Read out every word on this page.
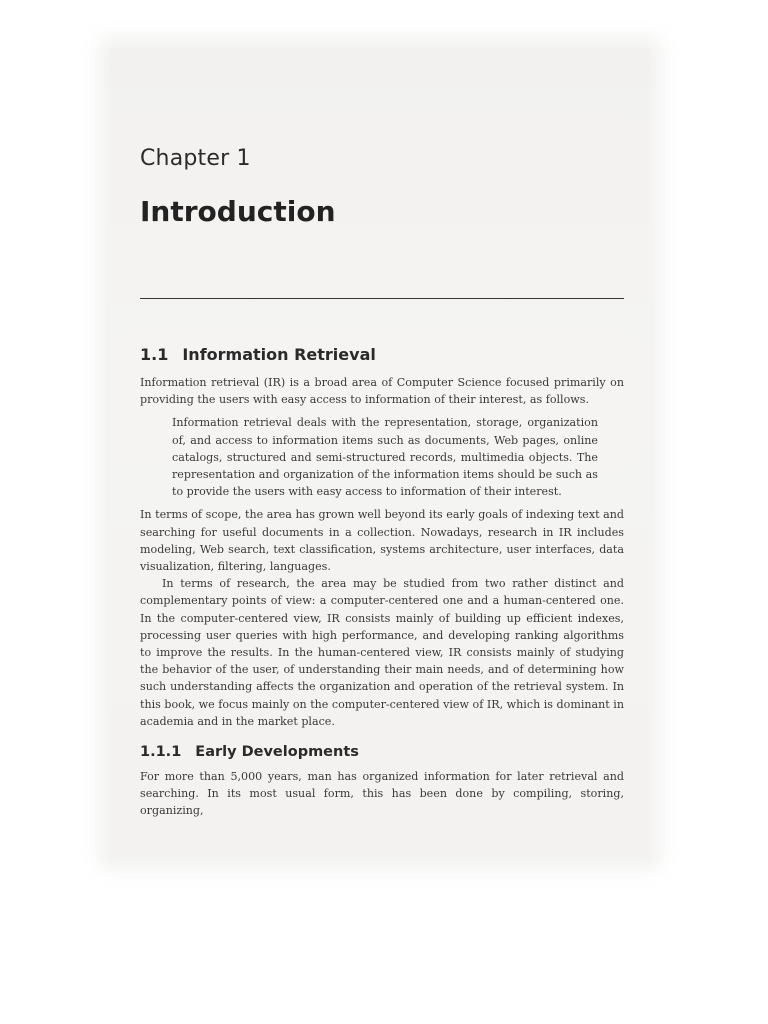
Chapter 1
Introduction
1.1 Information Retrieval

Information retrieval (IR) is a broad area of Computer Science focused primarily on providing the users with easy access to information of their interest, as follows.

Information retrieval deals with the representation, storage, organization of, and access to information items such as documents, Web pages, online catalogs, structured and semi-structured records, multimedia objects. The representation and organization of the information items should be such as to provide the users with easy access to information of their interest.

In terms of scope, the area has grown well beyond its early goals of indexing text and searching for useful documents in a collection. Nowadays, research in IR includes modeling, Web search, text classification, systems architecture, user interfaces, data visualization, filtering, languages.

In terms of research, the area may be studied from two rather distinct and complementary points of view: a computer-centered one and a human-centered one. In the computer-centered view, IR consists mainly of building up efficient indexes, processing user queries with high performance, and developing ranking algorithms to improve the results. In the human-centered view, IR consists mainly of studying the behavior of the user, of understanding their main needs, and of determining how such understanding affects the organization and operation of the retrieval system. In this book, we focus mainly on the computer-centered view of IR, which is dominant in academia and in the market place.

1.1.1 Early Developments

For more than 5,000 years, man has organized information for later retrieval and searching. In its most usual form, this has been done by compiling, storing, organizing,
